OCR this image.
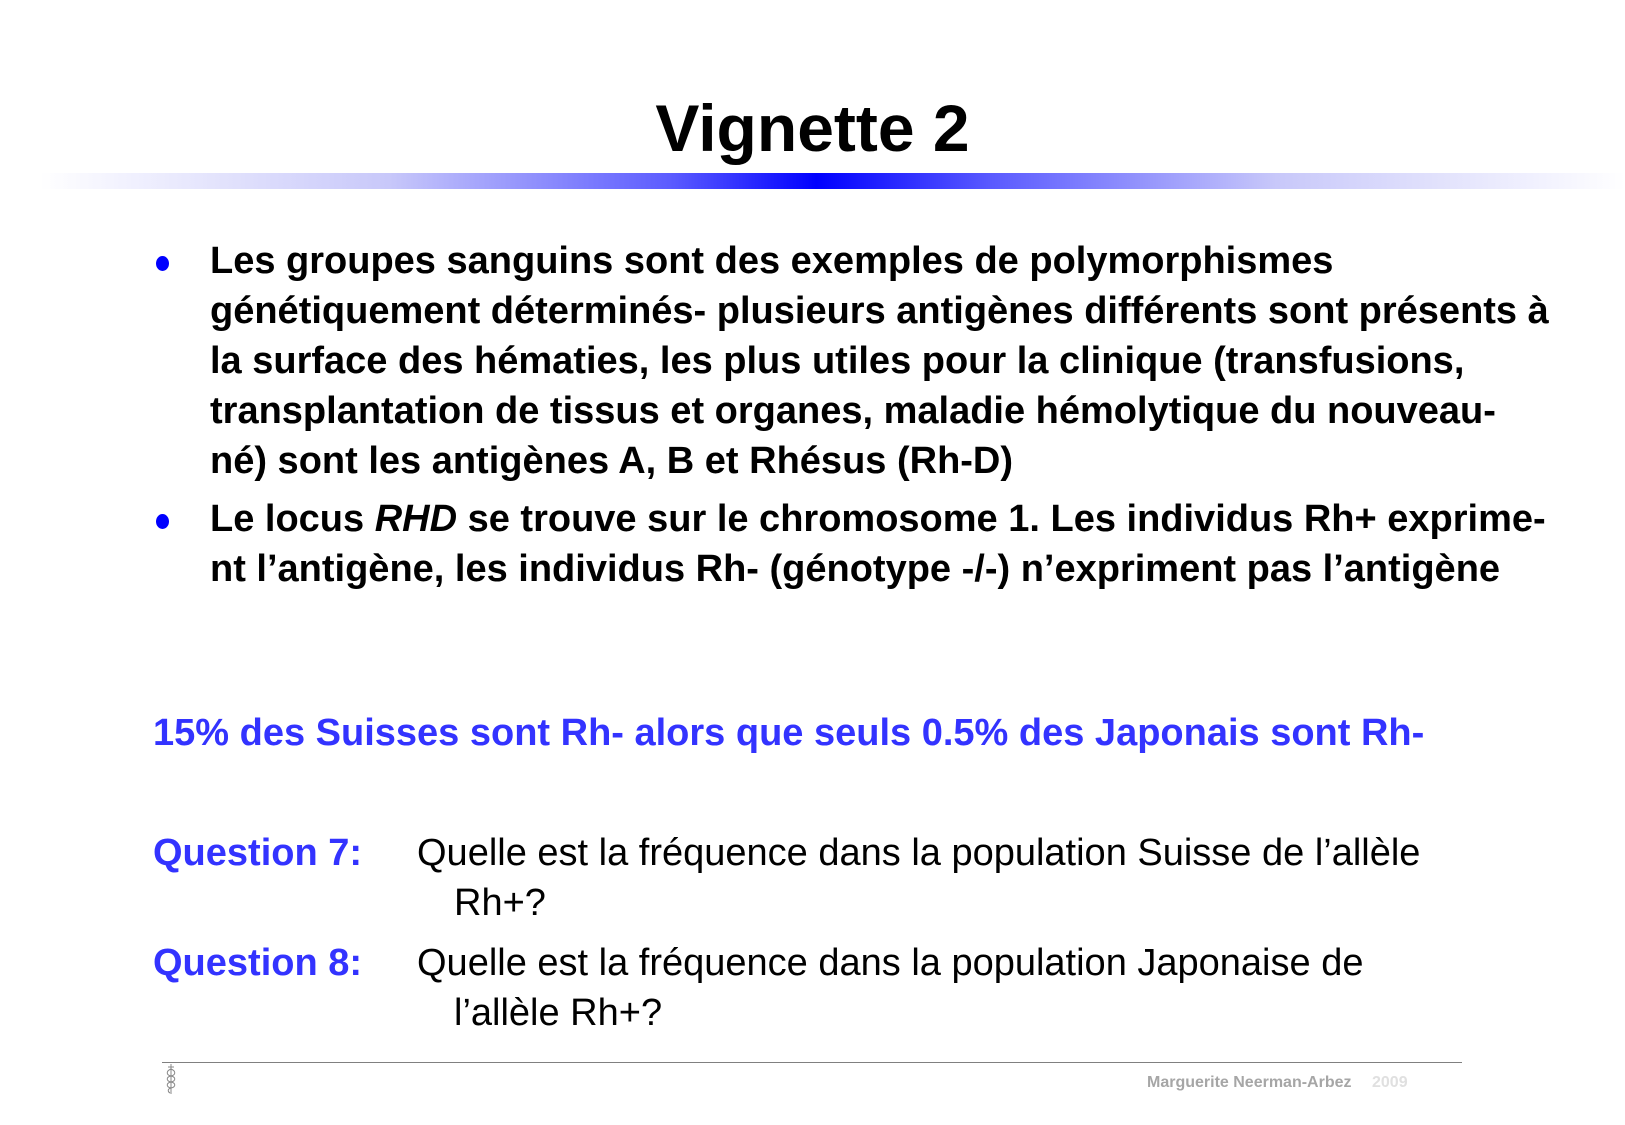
Vignette 2
Les groupes sanguins sont des exemples de polymorphismes génétiquement déterminés- plusieurs antigènes différents sont présents à la surface des hématies, les plus utiles pour la clinique (transfusions, transplantation de tissus et organes, maladie hémolytique du nouveau-né) sont les antigènes A, B et Rhésus (Rh-D)
Le locus RHD se trouve sur le chromosome 1. Les individus Rh+ expriment l’antigène, les individus Rh- (génotype -/-) n’expriment pas l’antigène
15% des Suisses sont Rh- alors que seuls 0.5% des Japonais sont Rh-
Question 7:	Quelle est la fréquence dans la population Suisse de l’allèle
Rh+?
Question 8:	Quelle est la fréquence dans la population Japonaise de
l’allèle Rh+?
Marguerite Neerman-Arbez 2009
